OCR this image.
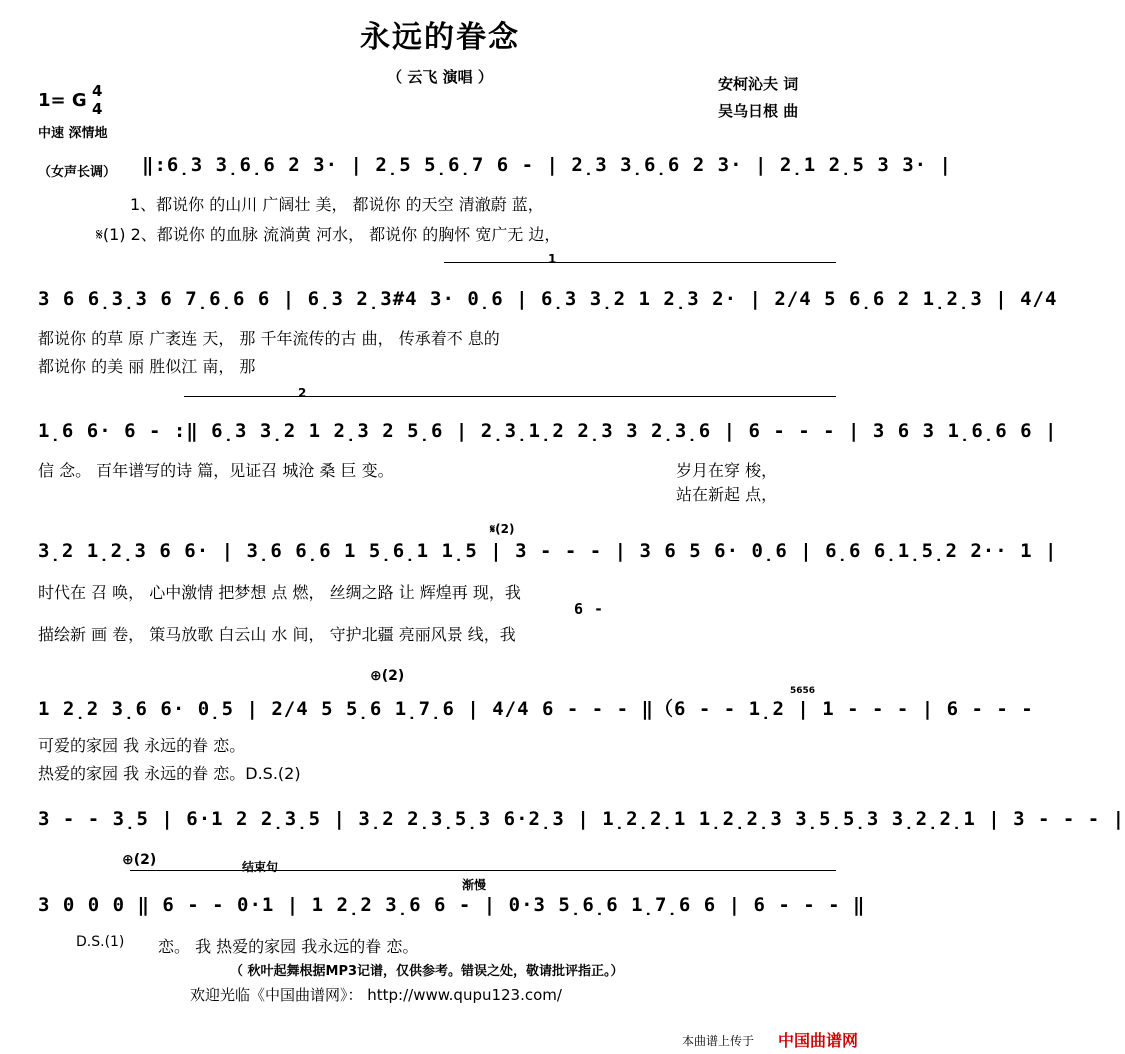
永远的眷念
（ 云飞 演唱 ）	安柯沁夫 词
吴乌日根 曲
1= G 4
4
中速 深情地
（女声长调） ‖:6̣3 3̣6̣6 2 3· | 2̣5 5̣6̣7 6 - | 2̣3 3̣6̣6 2 3· | 2̣1 2̣5 3 3· |
1、都说你 的山川 广阔壮 美， 都说你 的天空 清澈蔚 蓝，
𝄋(1) 2、都说你 的血脉 流淌黄 河水， 都说你 的胸怀 宽广无 边，
1
3 6 6̣3̣3 6 7̣6̣6 6 | 6̣3 2̣3#4 3· 0̣6 | 6̣3 3̣2 1 2̣3 2· | 2/4 5 6̣6 2 1̣2̣3 | 4/4
都说你 的草 原 广袤连 天， 那 千年流传的古 曲， 传承着不 息的
都说你 的美 丽 胜似江 南， 那
2
1̣6 6· 6 - :‖ 6̣3 3̣2 1 2̣3 2 5̣6 | 2̣3̣1̣2 2̣3 3 2̣3̣6 | 6 - - - | 3 6 3 1̣6̣6 6 |
信 念。 百年谱写的诗 篇，见证召 城沧 桑 巨 变。	岁月在穿 梭，
站在新起 点，
𝄋(2)
3̣2 1̣2̣3 6 6· | 3̣6 6̣6 1 5̣6̣1 1̣5 | 3 - - - | 3 6 5 6· 0̣6 | 6̣6 6̣1̣5̣2 2·· 1 |
时代在 召 唤， 心中激情 把梦想 点 燃， 丝绸之路 让 辉煌再 现，我
6 -
描绘新 画 卷， 策马放歌 白云山 水 间， 守护北疆 亮丽风景 线，我
⊕(2)
5656
1 2̣2 3̣6 6· 0̣5 | 2/4 5 5̣6 1̣7̣6 | 4/4 6 - - - ‖（6 - - 1̣2 | 1 - - - | 6 - - -
可爱的家园 我 永远的眷 恋。
热爱的家园 我 永远的眷 恋。D.S.(2)
3 - - 3̣5 | 6·1 2 2̣3̣5 | 3̣2 2̣3̣5̣3 6·2̣3 | 1̣2̣2̣1 1̣2̣2̣3 3̣5̣5̣3 3̣2̣2̣1 | 3 - - - |
⊕(2)	结束句
渐慢
3 0 0 0 ‖ 6 - - 0·1 | 1 2̣2 3̣6 6 - | 0·3 5̣6̣6 1̣7̣6 6 | 6 - - - ‖
D.S.(1) 恋。 我 热爱的家园 我永远的眷 恋。
（ 秋叶起舞根据MP3记谱，仅供参考。错误之处，敬请批评指正。）
欢迎光临《中国曲谱网》： http://www.qupu123.com/
本曲谱上传于 中国曲谱网
